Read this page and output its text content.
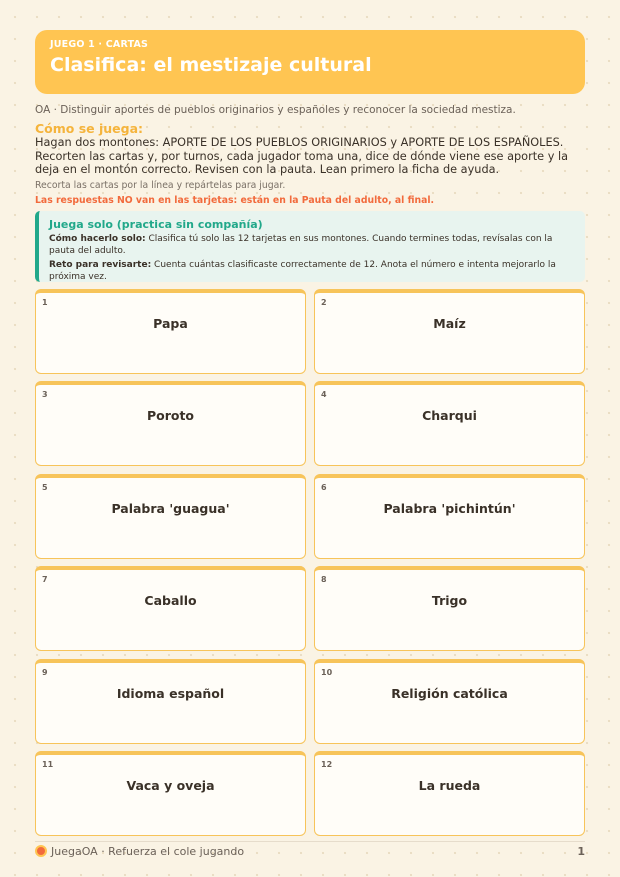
JUEGO 1 · CARTAS
Clasifica: el mestizaje cultural
OA · Distinguir aportes de pueblos originarios y españoles y reconocer la sociedad mestiza.
Cómo se juega:
Hagan dos montones: APORTE DE LOS PUEBLOS ORIGINARIOS y APORTE DE LOS ESPAÑOLES. Recorten las cartas y, por turnos, cada jugador toma una, dice de dónde viene ese aporte y la deja en el montón correcto. Revisen con la pauta. Lean primero la ficha de ayuda.
Recorta las cartas por la línea y repártelas para jugar.
Las respuestas NO van en las tarjetas: están en la Pauta del adulto, al final.
Juega solo (practica sin compañía)
Cómo hacerlo solo: Clasifica tú solo las 12 tarjetas en sus montones. Cuando termines todas, revísalas con la pauta del adulto.
Reto para revisarte: Cuenta cuántas clasificaste correctamente de 12. Anota el número e intenta mejorarlo la próxima vez.
1
Papa
2
Maíz
3
Poroto
4
Charqui
5
Palabra 'guagua'
6
Palabra 'pichintún'
7
Caballo
8
Trigo
9
Idioma español
10
Religión católica
11
Vaca y oveja
12
La rueda
JuegaOA · Refuerza el cole jugando	1
